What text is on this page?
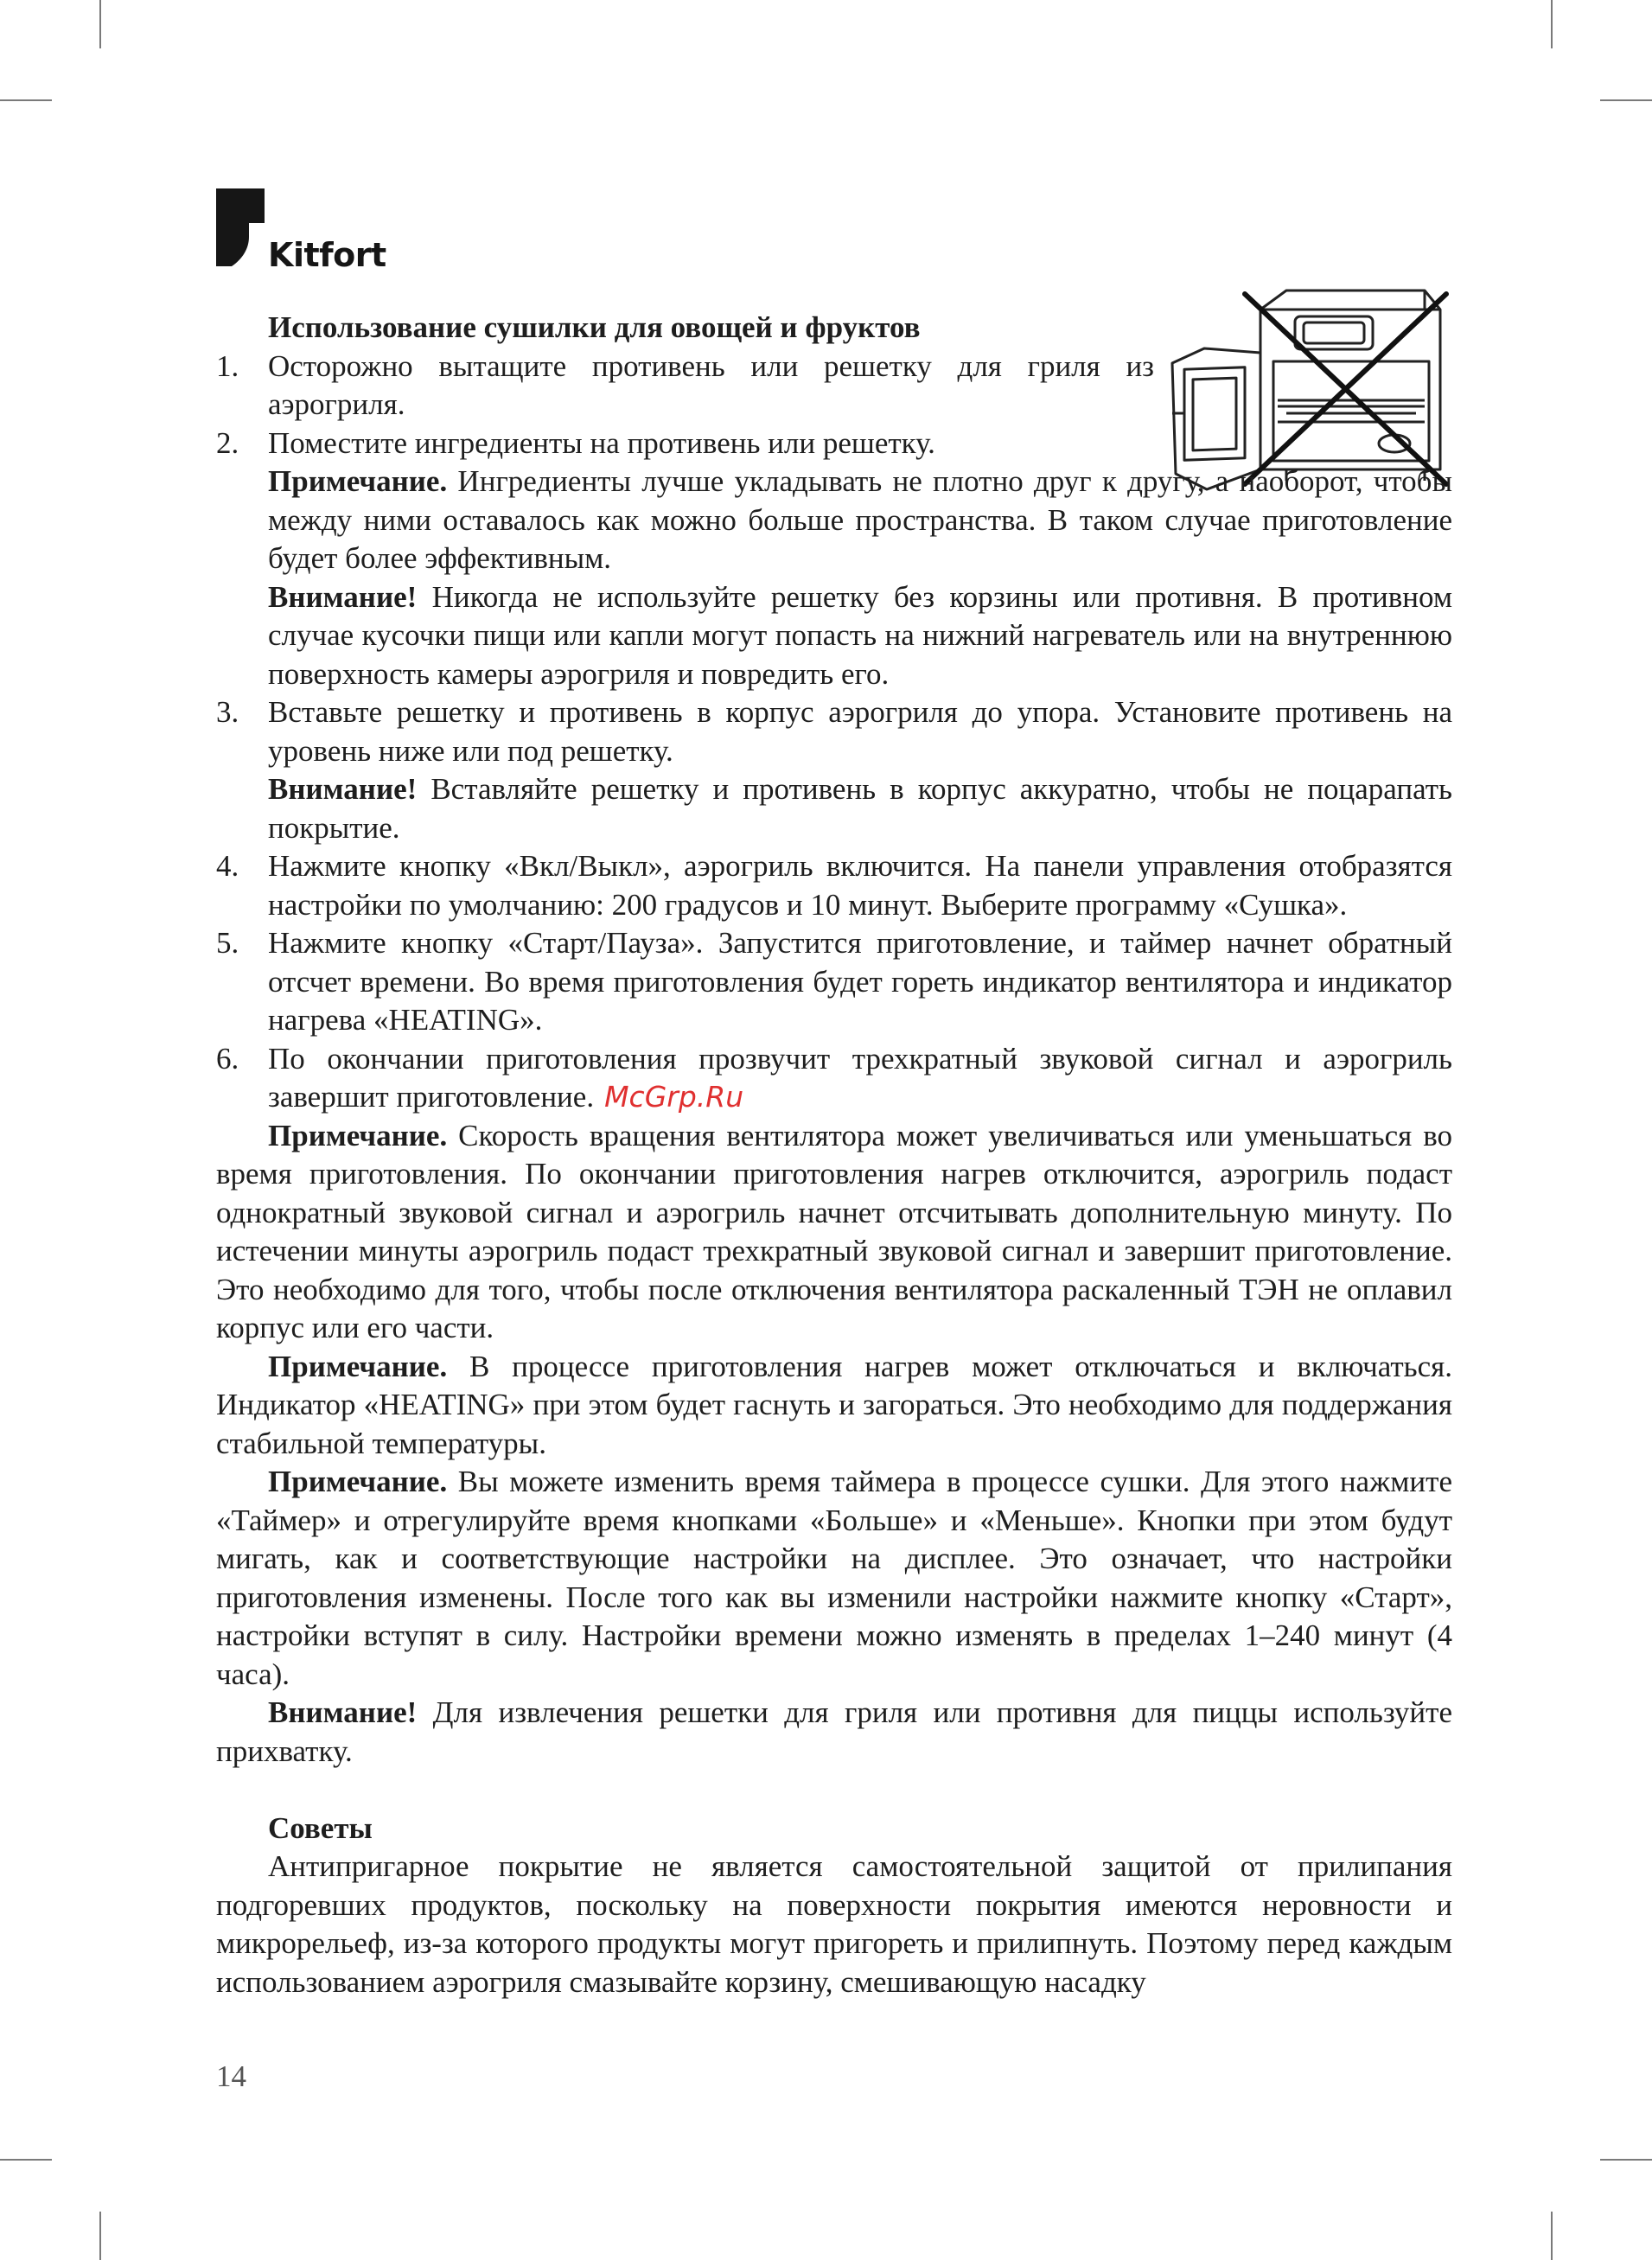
Kitfort

Использование сушилки для овощей и фруктов

1. Осторожно вытащите противень или решетку для гриля из аэрогриля.
2. Поместите ингредиенты на противень или решетку.

Примечание. Ингредиенты лучше укладывать не плотно друг к другу, а наоборот, чтобы между ними оставалось как можно больше пространства. В таком случае приготовление будет более эффективным.

Внимание! Никогда не используйте решетку без корзины или противня. В противном случае кусочки пищи или капли могут попасть на нижний нагреватель или на внутреннюю поверхность камеры аэрогриля и повредить его.

3. Вставьте решетку и противень в корпус аэрогриля до упора. Установите противень на уровень ниже или под решетку.

Внимание! Вставляйте решетку и противень в корпус аккуратно, чтобы не поцарапать покрытие.

4. Нажмите кнопку «Вкл/Выкл», аэрогриль включится. На панели управления отобразятся настройки по умолчанию: 200 градусов и 10 минут. Выберите программу «Сушка».
5. Нажмите кнопку «Старт/Пауза». Запустится приготовление, и таймер начнет обратный отсчет времени. Во время приготовления будет гореть индикатор вентилятора и индикатор нагрева «HEATING».
6. По окончании приготовления прозвучит трехкратный звуковой сигнал и аэрогриль завершит приготовление. McGrp.Ru

Примечание. Скорость вращения вентилятора может увеличиваться или уменьшаться во время приготовления. По окончании приготовления нагрев отключится, аэрогриль подаст однократный звуковой сигнал и аэрогриль начнет отсчитывать дополнительную минуту. По истечении минуты аэрогриль подаст трехкратный звуковой сигнал и завершит приготовление. Это необходимо для того, чтобы после отключения вентилятора раскаленный ТЭН не оплавил корпус или его части.

Примечание. В процессе приготовления нагрев может отключаться и включаться. Индикатор «HEATING» при этом будет гаснуть и загораться. Это необходимо для поддержания стабильной температуры.

Примечание. Вы можете изменить время таймера в процессе сушки. Для этого нажмите «Таймер» и отрегулируйте время кнопками «Больше» и «Меньше». Кнопки при этом будут мигать, как и соответствующие настройки на дисплее. Это означает, что настройки приготовления изменены. После того как вы изменили настройки нажмите кнопку «Старт», настройки вступят в силу. Настройки времени можно изменять в пределах 1–240 минут (4 часа).

Внимание! Для извлечения решетки для гриля или противня для пиццы используйте прихватку.

Советы

Антипригарное покрытие не является самостоятельной защитой от прилипания подгоревших продуктов, поскольку на поверхности покрытия имеются неровности и микрорельеф, из-за которого продукты могут пригореть и прилипнуть. Поэтому перед каждым использованием аэрогриля смазывайте корзину, смешивающую насадку

14
